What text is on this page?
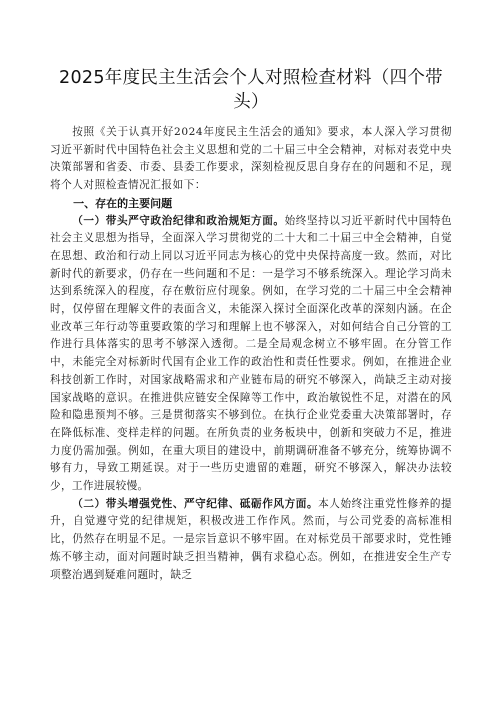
2025年度民主生活会个人对照检查材料（四个带头）

按照《关于认真开好2024年度民主生活会的通知》要求，本人深入学习贯彻习近平新时代中国特色社会主义思想和党的二十届三中全会精神，对标对表党中央决策部署和省委、市委、县委工作要求，深刻检视反思自身存在的问题和不足，现将个人对照检查情况汇报如下：

一、存在的主要问题

（一）带头严守政治纪律和政治规矩方面。始终坚持以习近平新时代中国特色社会主义思想为指导，全面深入学习贯彻党的二十大和二十届三中全会精神，自觉在思想、政治和行动上同以习近平同志为核心的党中央保持高度一致。然而，对比新时代的新要求，仍存在一些问题和不足：一是学习不够系统深入。理论学习尚未达到系统深入的程度，存在敷衍应付现象。例如，在学习党的二十届三中全会精神时，仅停留在理解文件的表面含义，未能深入探讨全面深化改革的深刻内涵。在企业改革三年行动等重要政策的学习和理解上也不够深入，对如何结合自己分管的工作进行具体落实的思考不够深入透彻。二是全局观念树立不够牢固。在分管工作中，未能完全对标新时代国有企业工作的政治性和责任性要求。例如，在推进企业科技创新工作时，对国家战略需求和产业链布局的研究不够深入，尚缺乏主动对接国家战略的意识。在推进供应链安全保障等工作中，政治敏锐性不足，对潜在的风险和隐患预判不够。三是贯彻落实不够到位。在执行企业党委重大决策部署时，存在降低标准、变样走样的问题。在所负责的业务板块中，创新和突破力不足，推进力度仍需加强。例如，在重大项目的建设中，前期调研准备不够充分，统筹协调不够有力，导致工期延误。对于一些历史遗留的难题，研究不够深入，解决办法较少，工作进展较慢。

（二）带头增强党性、严守纪律、砥砺作风方面。本人始终注重党性修养的提升，自觉遵守党的纪律规矩，积极改进工作作风。然而，与公司党委的高标准相比，仍然存在明显不足。一是宗旨意识不够牢固。在对标党员干部要求时，党性锤炼不够主动，面对问题时缺乏担当精神，偶有求稳心态。例如，在推进安全生产专项整治遇到疑难问题时，缺乏
